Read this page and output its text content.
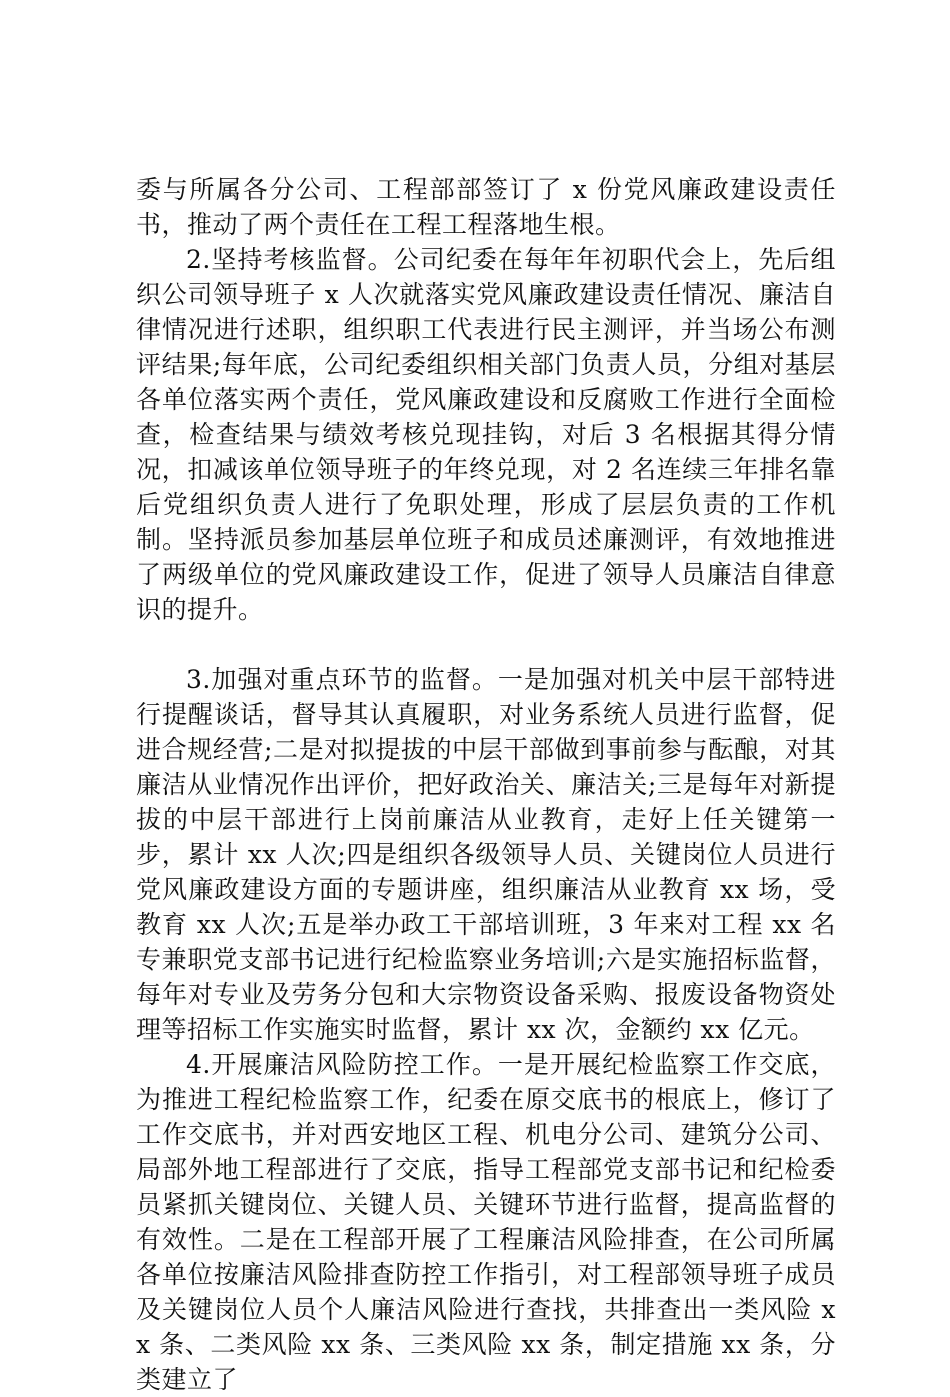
委与所属各分公司、工程部部签订了 x 份党风廉政建设责任书，推动了两个责任在工程工程落地生根。

2.坚持考核监督。公司纪委在每年年初职代会上，先后组织公司领导班子 x 人次就落实党风廉政建设责任情况、廉洁自律情况进行述职，组织职工代表进行民主测评，并当场公布测评结果;每年底，公司纪委组织相关部门负责人员，分组对基层各单位落实两个责任，党风廉政建设和反腐败工作进行全面检查，检查结果与绩效考核兑现挂钩，对后 3 名根据其得分情况，扣减该单位领导班子的年终兑现，对 2 名连续三年排名靠后党组织负责人进行了免职处理，形成了层层负责的工作机制。坚持派员参加基层单位班子和成员述廉测评，有效地推进了两级单位的党风廉政建设工作，促进了领导人员廉洁自律意识的提升。

3.加强对重点环节的监督。一是加强对机关中层干部特进行提醒谈话，督导其认真履职，对业务系统人员进行监督，促进合规经营;二是对拟提拔的中层干部做到事前参与酝酿，对其廉洁从业情况作出评价，把好政治关、廉洁关;三是每年对新提拔的中层干部进行上岗前廉洁从业教育，走好上任关键第一步，累计 xx 人次;四是组织各级领导人员、关键岗位人员进行党风廉政建设方面的专题讲座，组织廉洁从业教育 xx 场，受教育 xx 人次;五是举办政工干部培训班，3 年来对工程 xx 名专兼职党支部书记进行纪检监察业务培训;六是实施招标监督，每年对专业及劳务分包和大宗物资设备采购、报废设备物资处理等招标工作实施实时监督，累计 xx 次，金额约 xx 亿元。

4.开展廉洁风险防控工作。一是开展纪检监察工作交底，为推进工程纪检监察工作，纪委在原交底书的根底上，修订了工作交底书，并对西安地区工程、机电分公司、建筑分公司、局部外地工程部进行了交底，指导工程部党支部书记和纪检委员紧抓关键岗位、关键人员、关键环节进行监督，提高监督的有效性。二是在工程部开展了工程廉洁风险排查，在公司所属各单位按廉洁风险排查防控工作指引，对工程部领导班子成员及关键岗位人员个人廉洁风险进行查找，共排查出一类风险 xx 条、二类风险 xx 条、三类风险 xx 条，制定措施 xx 条，分类建立了
